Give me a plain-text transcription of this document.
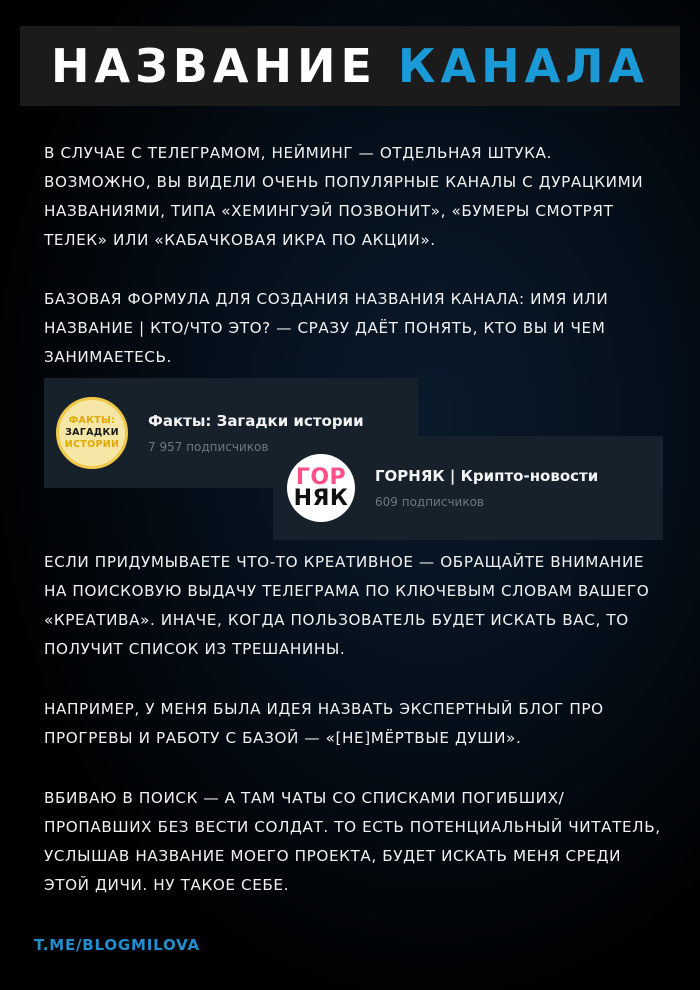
НАЗВАНИЕ КАНАЛА

В СЛУЧАЕ С ТЕЛЕГРАМОМ, НЕЙМИНГ — ОТДЕЛЬНАЯ ШТУКА. ВОЗМОЖНО, ВЫ ВИДЕЛИ ОЧЕНЬ ПОПУЛЯРНЫЕ КАНАЛЫ С ДУРАЦКИМИ НАЗВАНИЯМИ, ТИПА «ХЕМИНГУЭЙ ПОЗВОНИТ», «БУМЕРЫ СМОТРЯТ ТЕЛЕК» ИЛИ «КАБАЧКОВАЯ ИКРА ПО АКЦИИ».

БАЗОВАЯ ФОРМУЛА ДЛЯ СОЗДАНИЯ НАЗВАНИЯ КАНАЛА: ИМЯ ИЛИ НАЗВАНИЕ | КТО/ЧТО ЭТО? — СРАЗУ ДАЁТ ПОНЯТЬ, КТО ВЫ И ЧЕМ ЗАНИМАЕТЕСЬ.

ФАКТЫ:
ЗАГАДКИ
ИСТОРИИ
Факты: Загадки истории
7 957 подписчиков
ГОР
НЯК
ГОРНЯК | Крипто-новости
609 подписчиков

ЕСЛИ ПРИДУМЫВАЕТЕ ЧТО-ТО КРЕАТИВНОЕ — ОБРАЩАЙТЕ ВНИМАНИЕ НА ПОИСКОВУЮ ВЫДАЧУ ТЕЛЕГРАМА ПО КЛЮЧЕВЫМ СЛОВАМ ВАШЕГО «КРЕАТИВА». ИНАЧЕ, КОГДА ПОЛЬЗОВАТЕЛЬ БУДЕТ ИСКАТЬ ВАС, ТО ПОЛУЧИТ СПИСОК ИЗ ТРЕШАНИНЫ.

НАПРИМЕР, У МЕНЯ БЫЛА ИДЕЯ НАЗВАТЬ ЭКСПЕРТНЫЙ БЛОГ ПРО ПРОГРЕВЫ И РАБОТУ С БАЗОЙ — «[НЕ]МЁРТВЫЕ ДУШИ».

ВБИВАЮ В ПОИСК — А ТАМ ЧАТЫ СО СПИСКАМИ ПОГИБШИХ/ПРОПАВШИХ БЕЗ ВЕСТИ СОЛДАТ. ТО ЕСТЬ ПОТЕНЦИАЛЬНЫЙ ЧИТАТЕЛЬ, УСЛЫШАВ НАЗВАНИЕ МОЕГО ПРОЕКТА, БУДЕТ ИСКАТЬ МЕНЯ СРЕДИ ЭТОЙ ДИЧИ. НУ ТАКОЕ СЕБЕ.

T.ME/BLOGMILOVA
